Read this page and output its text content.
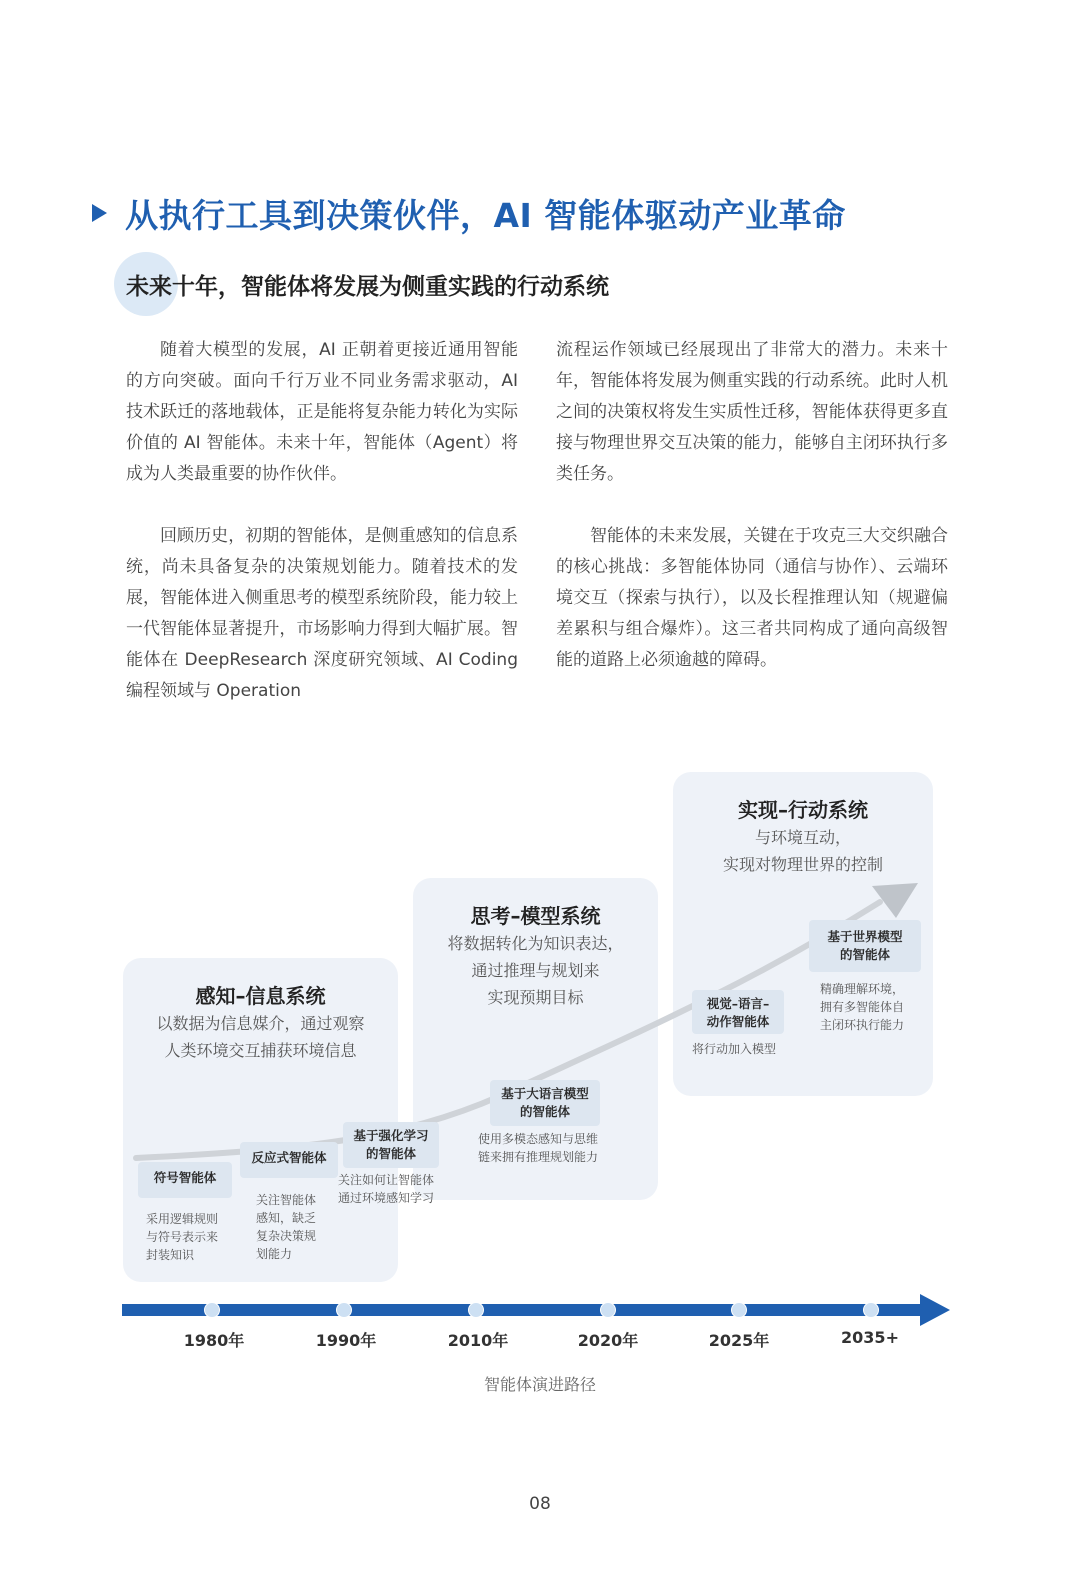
从执行工具到决策伙伴，AI 智能体驱动产业革命
未来十年，智能体将发展为侧重实践的行动系统

随着大模型的发展，AI 正朝着更接近通用智能的方向突破。面向千行万业不同业务需求驱动，AI 技术跃迁的落地载体，正是能将复杂能力转化为实际价值的 AI 智能体。未来十年，智能体（Agent）将成为人类最重要的协作伙伴。

回顾历史，初期的智能体，是侧重感知的信息系统，尚未具备复杂的决策规划能力。随着技术的发展，智能体进入侧重思考的模型系统阶段，能力较上一代智能体显著提升，市场影响力得到大幅扩展。智能体在 DeepResearch 深度研究领域、AI Coding 编程领域与 Operation

流程运作领域已经展现出了非常大的潜力。未来十年，智能体将发展为侧重实践的行动系统。此时人机之间的决策权将发生实质性迁移，智能体获得更多直接与物理世界交互决策的能力，能够自主闭环执行多类任务。

智能体的未来发展，关键在于攻克三大交织融合的核心挑战：多智能体协同（通信与协作）、云端环境交互（探索与执行），以及长程推理认知（规避偏差累积与组合爆炸）。这三者共同构成了通向高级智能的道路上必须逾越的障碍。

感知–信息系统
以数据为信息媒介，通过观察
人类环境交互捕获环境信息
思考–模型系统
将数据转化为知识表达，
通过推理与规划来
实现预期目标
实现–行动系统
与环境互动，
实现对物理世界的控制
符号智能体
采用逻辑规则
与符号表示来
封装知识
反应式智能体
关注智能体
感知，缺乏
复杂决策规
划能力
基于强化学习
的智能体
关注如何让智能体
通过环境感知学习
基于大语言模型
的智能体
使用多模态感知与思维
链来拥有推理规划能力
视觉–语言–
动作智能体
将行动加入模型
基于世界模型
的智能体
精确理解环境，
拥有多智能体自
主闭环执行能力
1980年	1990年	2010年	2020年	2025年	2035+
智能体演进路径
08
